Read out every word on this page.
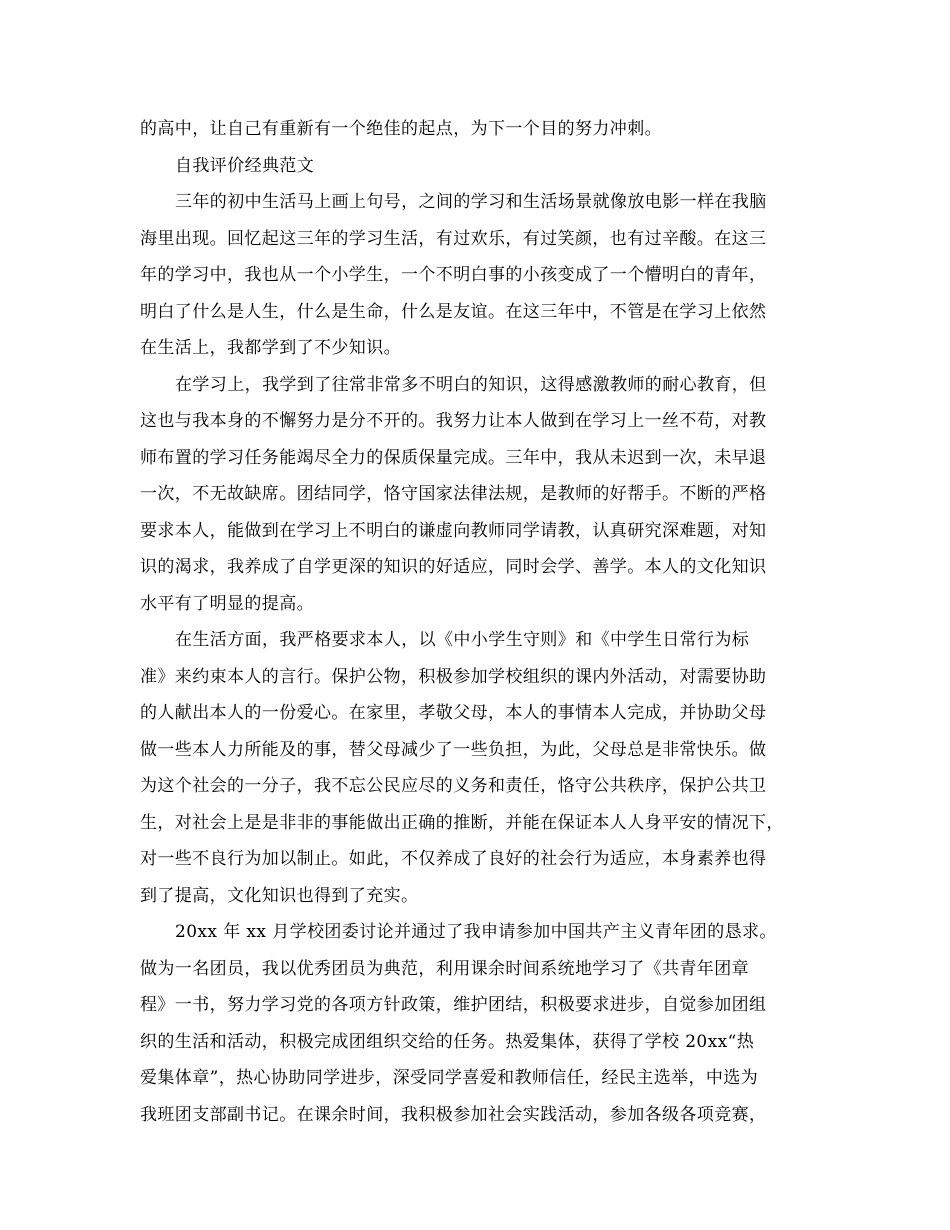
的高中，让自己有重新有一个绝佳的起点，为下一个目的努力冲刺。
自我评价经典范文
三年的初中生活马上画上句号，之间的学习和生活场景就像放电影一样在我脑
海里出现。回忆起这三年的学习生活，有过欢乐，有过笑颜，也有过辛酸。在这三
年的学习中，我也从一个小学生，一个不明白事的小孩变成了一个懵明白的青年，
明白了什么是人生，什么是生命，什么是友谊。在这三年中，不管是在学习上依然
在生活上，我都学到了不少知识。
在学习上，我学到了往常非常多不明白的知识，这得感激教师的耐心教育，但
这也与我本身的不懈努力是分不开的。我努力让本人做到在学习上一丝不苟，对教
师布置的学习任务能竭尽全力的保质保量完成。三年中，我从未迟到一次，未早退
一次，不无故缺席。团结同学，恪守国家法律法规，是教师的好帮手。不断的严格
要求本人，能做到在学习上不明白的谦虚向教师同学请教，认真研究深难题，对知
识的渴求，我养成了自学更深的知识的好适应，同时会学、善学。本人的文化知识
水平有了明显的提高。
在生活方面，我严格要求本人，以《中小学生守则》和《中学生日常行为标
准》来约束本人的言行。保护公物，积极参加学校组织的课内外活动，对需要协助
的人献出本人的一份爱心。在家里，孝敬父母，本人的事情本人完成，并协助父母
做一些本人力所能及的事，替父母减少了一些负担，为此，父母总是非常快乐。做
为这个社会的一分子，我不忘公民应尽的义务和责任，恪守公共秩序，保护公共卫
生，对社会上是是非非的事能做出正确的推断，并能在保证本人人身平安的情况下，
对一些不良行为加以制止。如此，不仅养成了良好的社会行为适应，本身素养也得
到了提高，文化知识也得到了充实。
20xx 年 xx 月学校团委讨论并通过了我申请参加中国共产主义青年团的恳求。
做为一名团员，我以优秀团员为典范，利用课余时间系统地学习了《共青年团章
程》一书，努力学习党的各项方针政策，维护团结，积极要求进步，自觉参加团组
织的生活和活动，积极完成团组织交给的任务。热爱集体，获得了学校 20xx“热
爱集体章”，热心协助同学进步，深受同学喜爱和教师信任，经民主选举，中选为
我班团支部副书记。在课余时间，我积极参加社会实践活动，参加各级各项竞赛，
